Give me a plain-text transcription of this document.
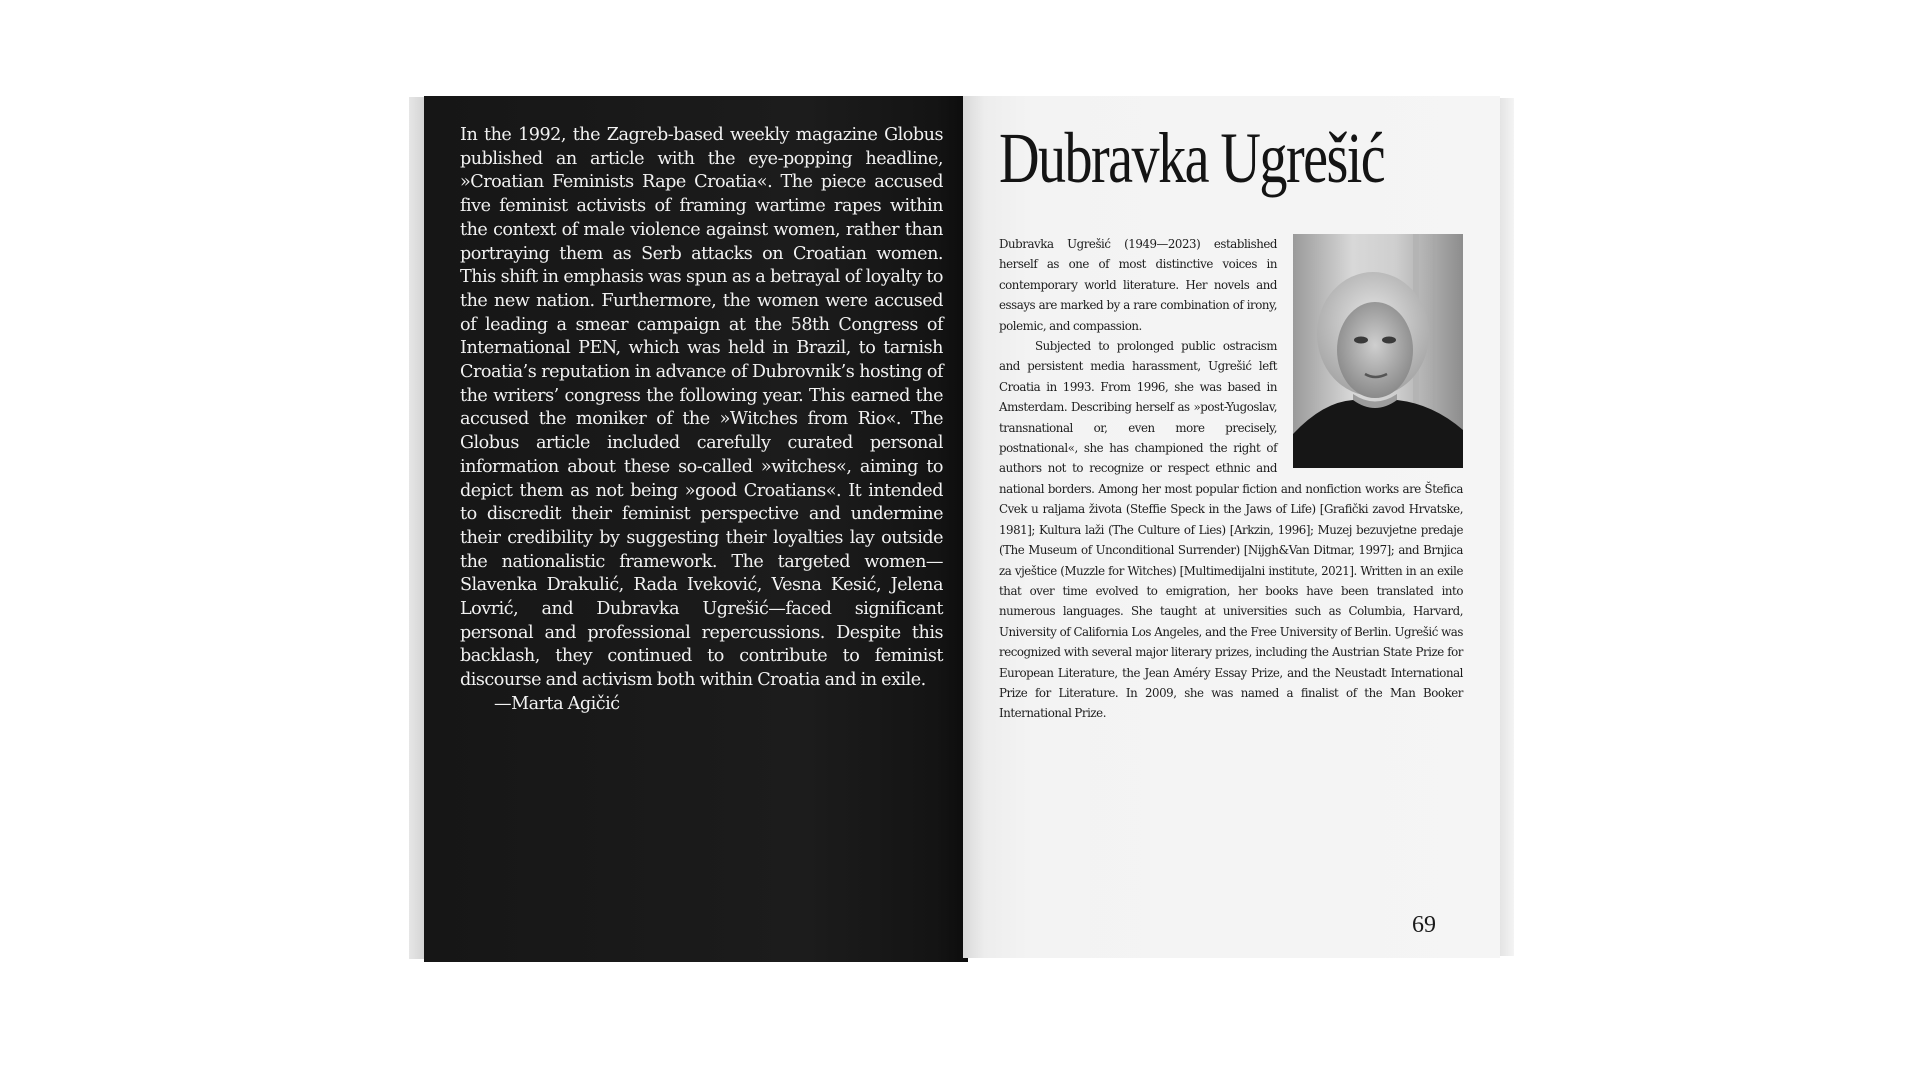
In the 1992, the Zagreb-based weekly magazine Globus published an article with the eye-popping headline, »Croatian Feminists Rape Croatia«. The piece accused five feminist activists of framing wartime rapes within the context of male violence against women, rather than portraying them as Serb attacks on Croatian women. This shift in emphasis was spun as a betrayal of loyalty to the new nation. Furthermore, the women were accused of leading a smear campaign at the 58th Congress of International PEN, which was held in Brazil, to tarnish Croatia’s reputation in advance of Dubrovnik’s hosting of the writers’ congress the following year. This earned the accused the moniker of the »Witches from Rio«. The Globus article included carefully curated personal information about these so-called »witches«, aiming to depict them as not being »good Croatians«. It intended to discredit their feminist perspective and undermine their credibility by suggesting their loyalties lay outside the nationalistic framework. The targeted women—Slavenka Drakulić, Rada Iveković, Vesna Kesić, Jelena Lovrić, and Dubravka Ugrešić—faced significant personal and professional repercussions. Despite this backlash, they continued to contribute to feminist discourse and activism both within Croatia and in exile.

—Marta Agičić

Dubravka Ugrešić

Dubravka Ugrešić (1949—2023) established herself as one of most distinctive voices in contemporary world literature. Her novels and essays are marked by a rare combination of irony, polemic, and compassion.

Subjected to prolonged public ostracism and persistent media harassment, Ugrešić left Croatia in 1993. From 1996, she was based in Amsterdam. Describing herself as »post-Yugoslav, transnational or, even more precisely, postnational«, she has championed the right of authors not to recognize or respect ethnic and national borders. Among her most popular fiction and nonfiction works are Štefica Cvek u raljama života (Steffie Speck in the Jaws of Life) [Grafički zavod Hrvatske, 1981]; Kultura laži (The Culture of Lies) [Arkzin, 1996]; Muzej bezuvjetne predaje (The Museum of Unconditional Surrender) [Nijgh&Van Ditmar, 1997]; and Brnjica za vještice (Muzzle for Witches) [Multimedijalni institute, 2021]. Written in an exile that over time evolved to emigration, her books have been translated into numerous languages. She taught at universities such as Columbia, Harvard, University of California Los Angeles, and the Free University of Berlin. Ugrešić was recognized with several major literary prizes, including the Austrian State Prize for European Literature, the Jean Améry Essay Prize, and the Neustadt International Prize for Literature. In 2009, she was named a finalist of the Man Booker International Prize.

69
